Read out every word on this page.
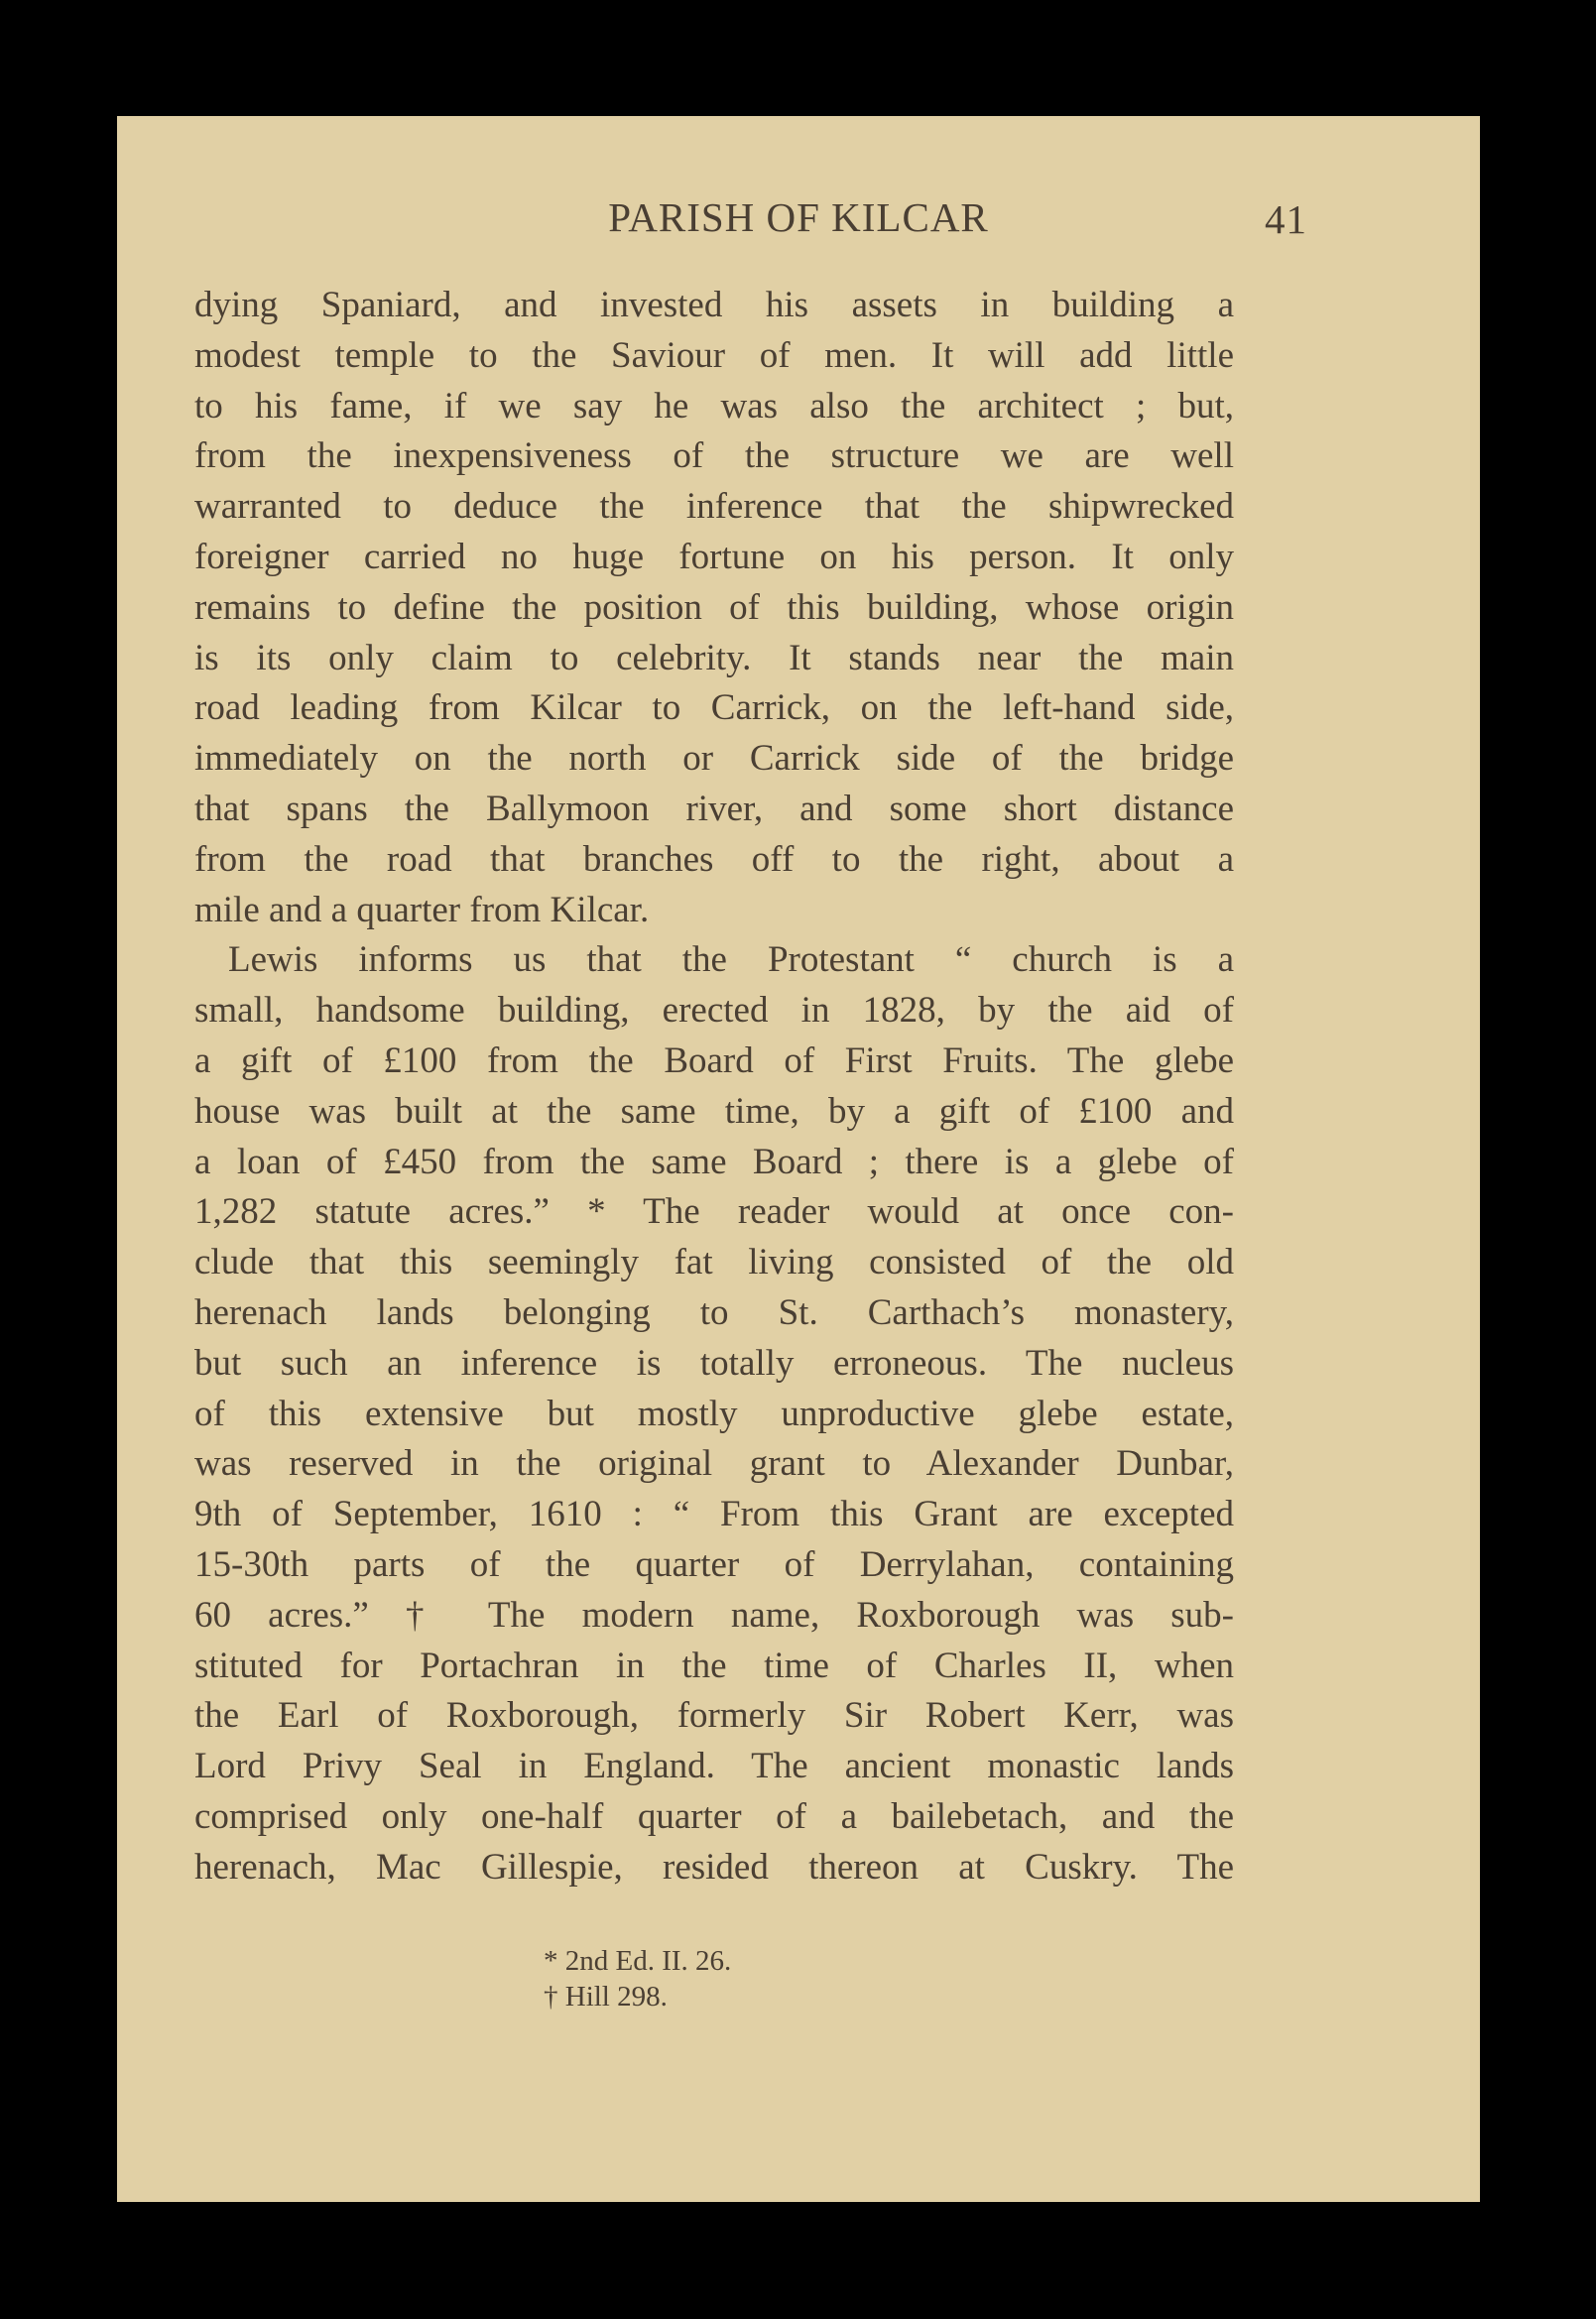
PARISH OF KILCAR	41
dying Spaniard, and invested his assets in building a
modest temple to the Saviour of men. It will add little
to his fame, if we say he was also the architect ; but,
from the inexpensiveness of the structure we are well
warranted to deduce the inference that the shipwrecked
foreigner carried no huge fortune on his person. It only
remains to define the position of this building, whose origin
is its only claim to celebrity. It stands near the main
road leading from Kilcar to Carrick, on the left-hand side,
immediately on the north or Carrick side of the bridge
that spans the Ballymoon river, and some short distance
from the road that branches off to the right, about a
mile and a quarter from Kilcar.
Lewis informs us that the Protestant “ church is a
small, handsome building, erected in 1828, by the aid of
a gift of £100 from the Board of First Fruits. The glebe
house was built at the same time, by a gift of £100 and
a loan of £450 from the same Board ; there is a glebe of
1,282 statute acres.” * The reader would at once con-
clude that this seemingly fat living consisted of the old
herenach lands belonging to St. Carthach’s monastery,
but such an inference is totally erroneous. The nucleus
of this extensive but mostly unproductive glebe estate,
was reserved in the original grant to Alexander Dunbar,
9th of September, 1610 : “ From this Grant are excepted
15-30th parts of the quarter of Derrylahan, containing
60 acres.” † The modern name, Roxborough was sub-
stituted for Portachran in the time of Charles II, when
the Earl of Roxborough, formerly Sir Robert Kerr, was
Lord Privy Seal in England. The ancient monastic lands
comprised only one-half quarter of a bailebetach, and the
herenach, Mac Gillespie, resided thereon at Cuskry. The
* 2nd Ed. II. 26.
† Hill 298.
